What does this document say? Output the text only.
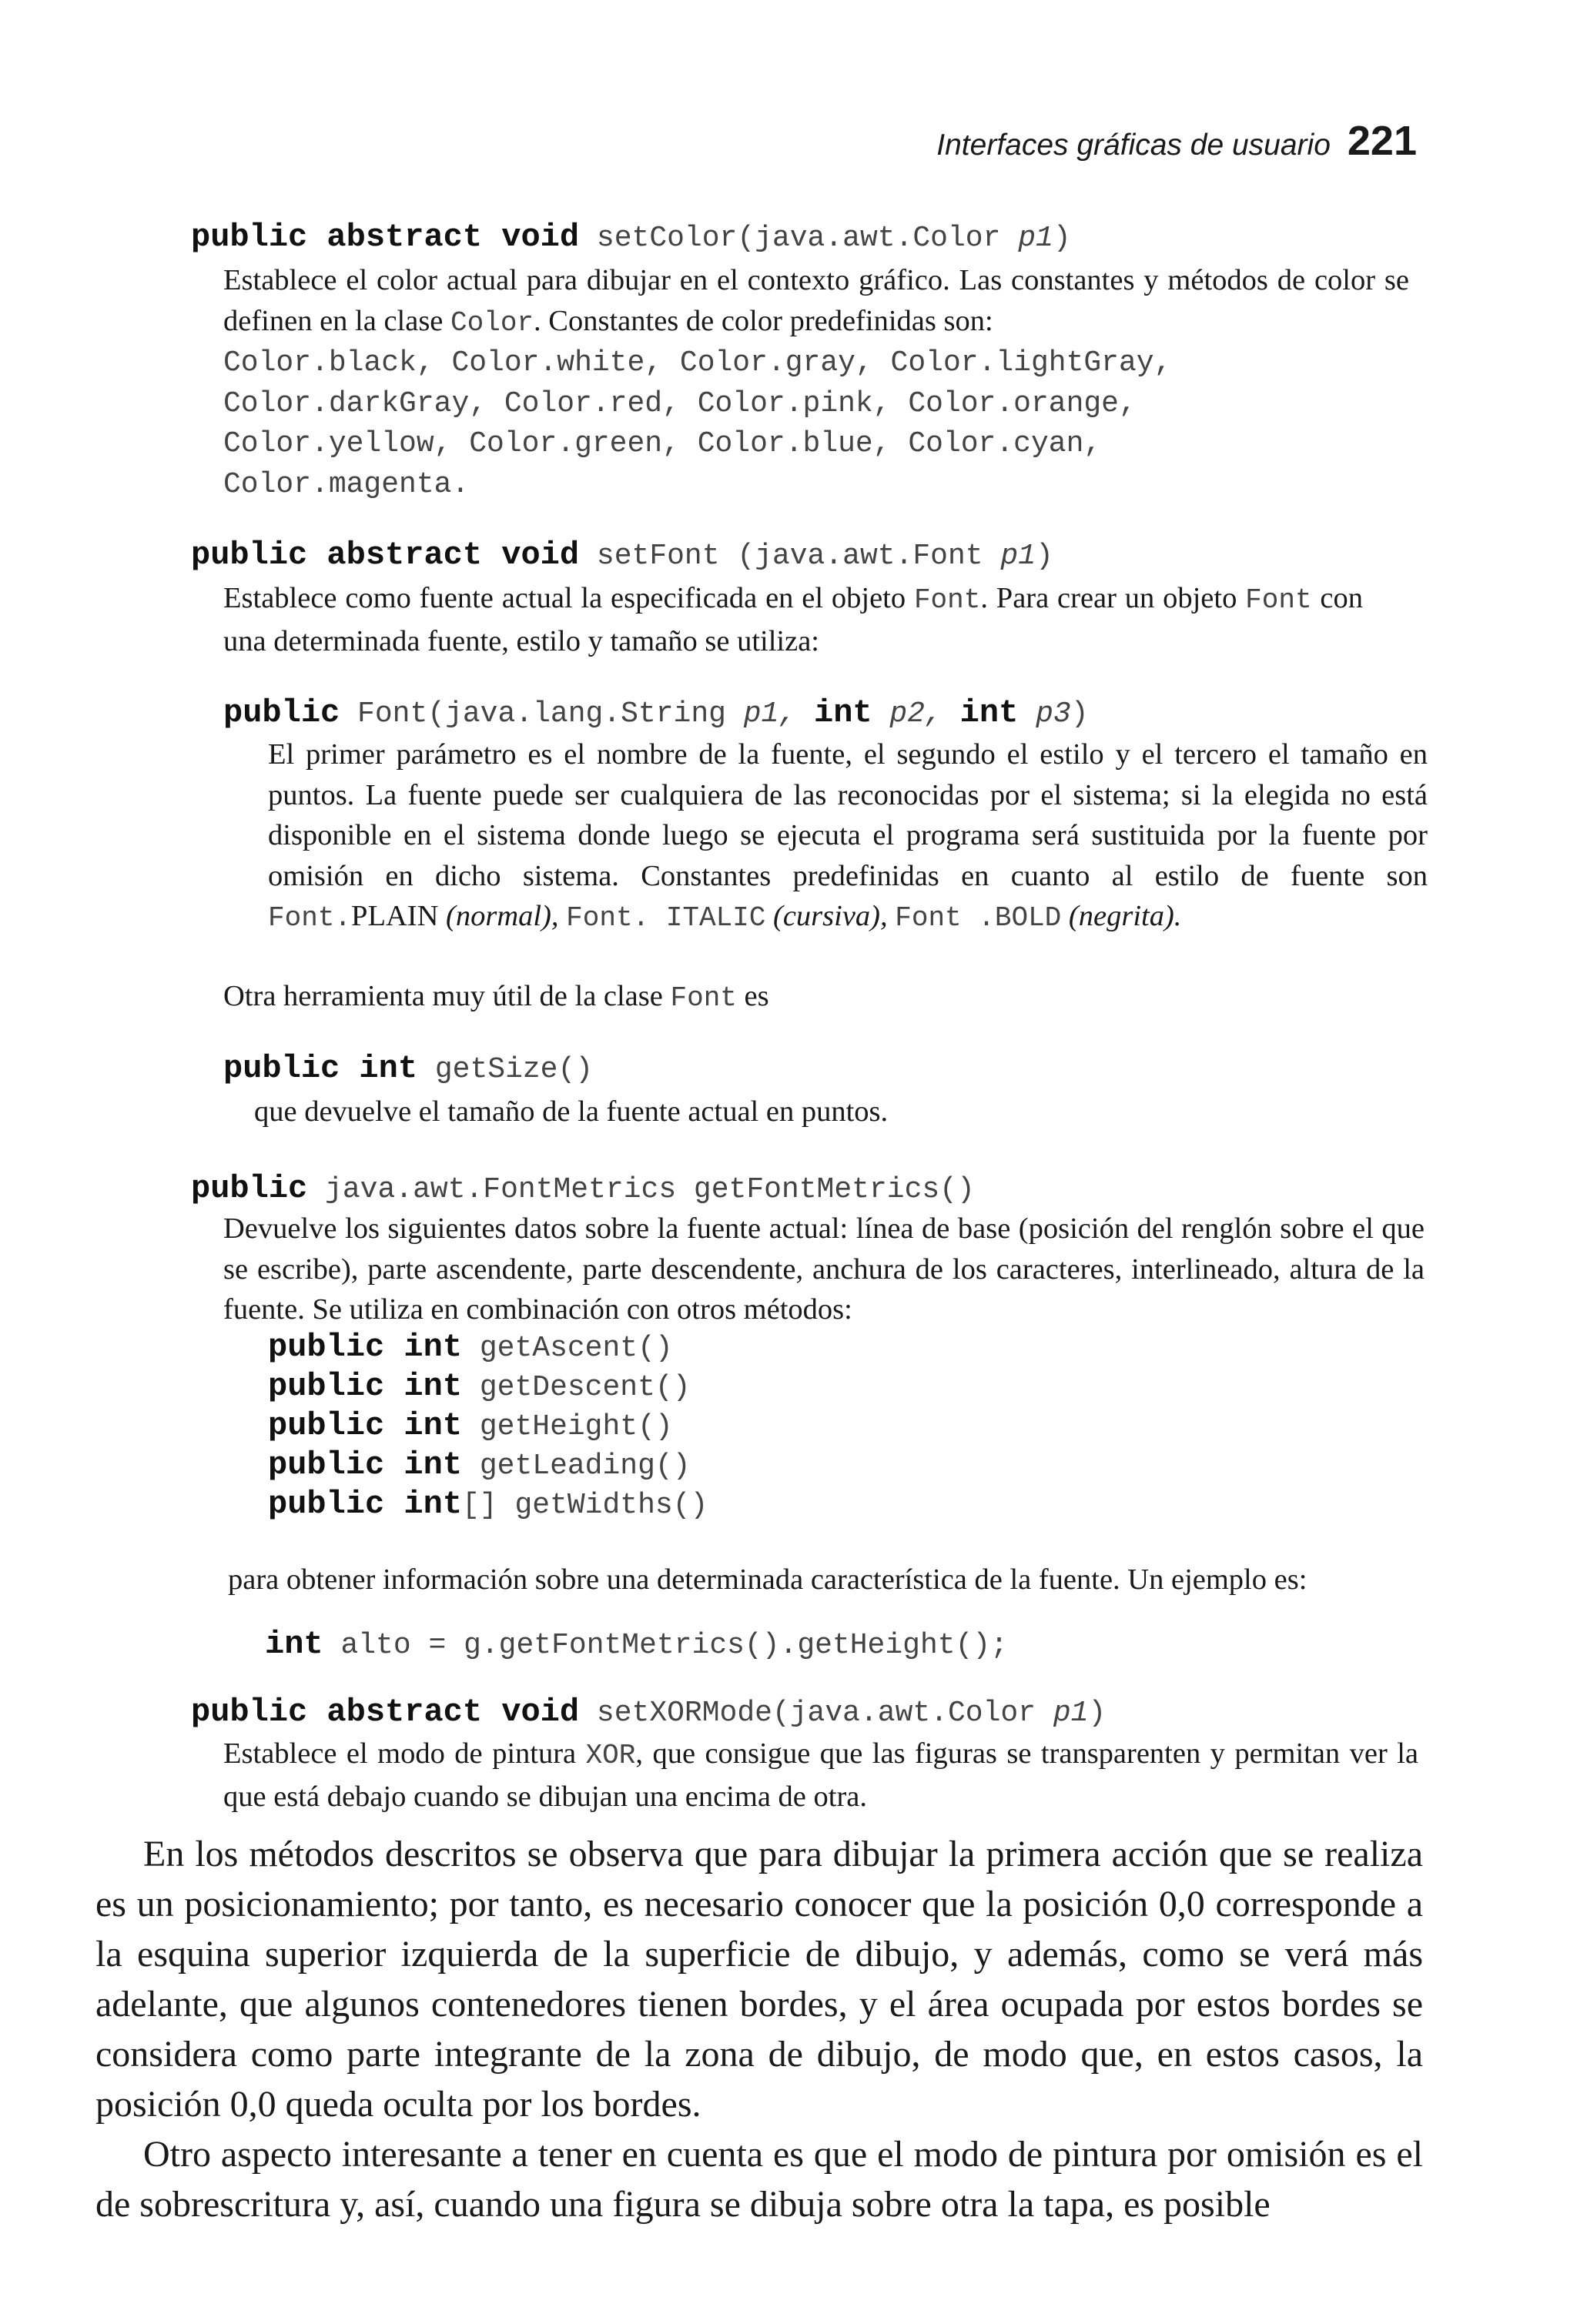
Interfaces gráficas de usuario 221
public abstract void setColor(java.awt.Color p1)
Establece el color actual para dibujar en el contexto gráfico. Las constantes y métodos de color se definen en la clase Color. Constantes de color predefinidas son:
Color.black, Color.white, Color.gray, Color.lightGray,
Color.darkGray, Color.red, Color.pink, Color.orange,
Color.yellow, Color.green, Color.blue, Color.cyan,
Color.magenta.
public abstract void setFont (java.awt.Font p1)
Establece como fuente actual la especificada en el objeto Font. Para crear un objeto Font con una determinada fuente, estilo y tamaño se utiliza:
public Font(java.lang.String p1, int p2, int p3)
El primer parámetro es el nombre de la fuente, el segundo el estilo y el tercero el tamaño en puntos. La fuente puede ser cualquiera de las reconocidas por el sistema; si la elegida no está disponible en el sistema donde luego se ejecuta el programa será sustituida por la fuente por omisión en dicho sistema. Constantes predefinidas en cuanto al estilo de fuente son Font.PLAIN (normal), Font. ITALIC (cursiva), Font .BOLD (negrita).
Otra herramienta muy útil de la clase Font es
public int getSize()
que devuelve el tamaño de la fuente actual en puntos.
public java.awt.FontMetrics getFontMetrics()
Devuelve los siguientes datos sobre la fuente actual: línea de base (posición del renglón sobre el que se escribe), parte ascendente, parte descendente, anchura de los caracteres, interlineado, altura de la fuente. Se utiliza en combinación con otros métodos:
public int getAscent()
public int getDescent()
public int getHeight()
public int getLeading()
public int[] getWidths()
para obtener información sobre una determinada característica de la fuente. Un ejemplo es:
int alto = g.getFontMetrics().getHeight();
public abstract void setXORMode(java.awt.Color p1)
Establece el modo de pintura XOR, que consigue que las figuras se transparenten y permitan ver la que está debajo cuando se dibujan una encima de otra.

En los métodos descritos se observa que para dibujar la primera acción que se realiza es un posicionamiento; por tanto, es necesario conocer que la posición 0,0 corresponde a la esquina superior izquierda de la superficie de dibujo, y además, como se verá más adelante, que algunos contenedores tienen bordes, y el área ocupada por estos bordes se considera como parte integrante de la zona de dibujo, de modo que, en estos casos, la posición 0,0 queda oculta por los bordes.

Otro aspecto interesante a tener en cuenta es que el modo de pintura por omisión es el de sobrescritura y, así, cuando una figura se dibuja sobre otra la tapa, es posible
